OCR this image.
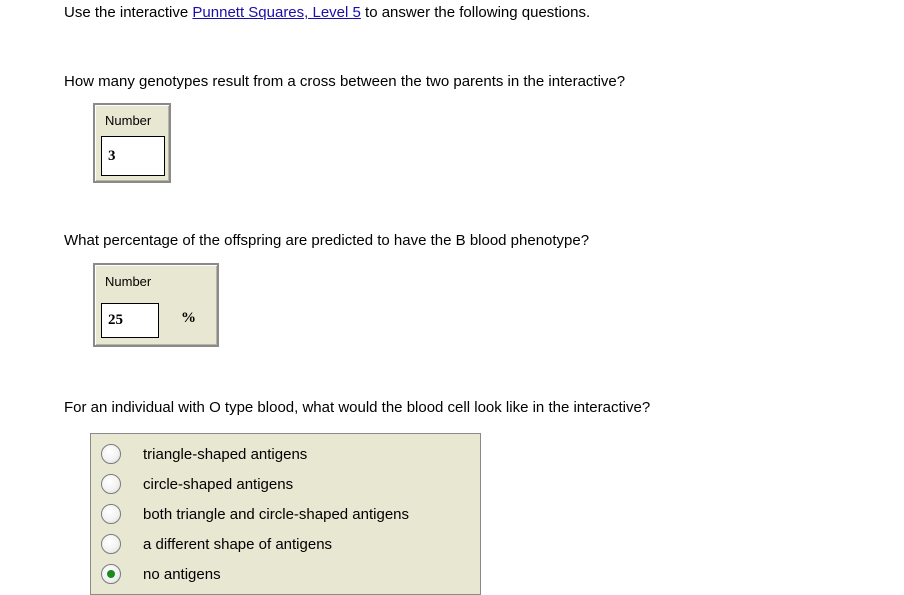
Use the interactive Punnett Squares, Level 5 to answer the following questions.
How many genotypes result from a cross between the two parents in the interactive?
Number
3
What percentage of the offspring are predicted to have the B blood phenotype?
Number
25	%
For an individual with O type blood, what would the blood cell look like in the interactive?
triangle-shaped antigens
circle-shaped antigens
both triangle and circle-shaped antigens
a different shape of antigens
no antigens
